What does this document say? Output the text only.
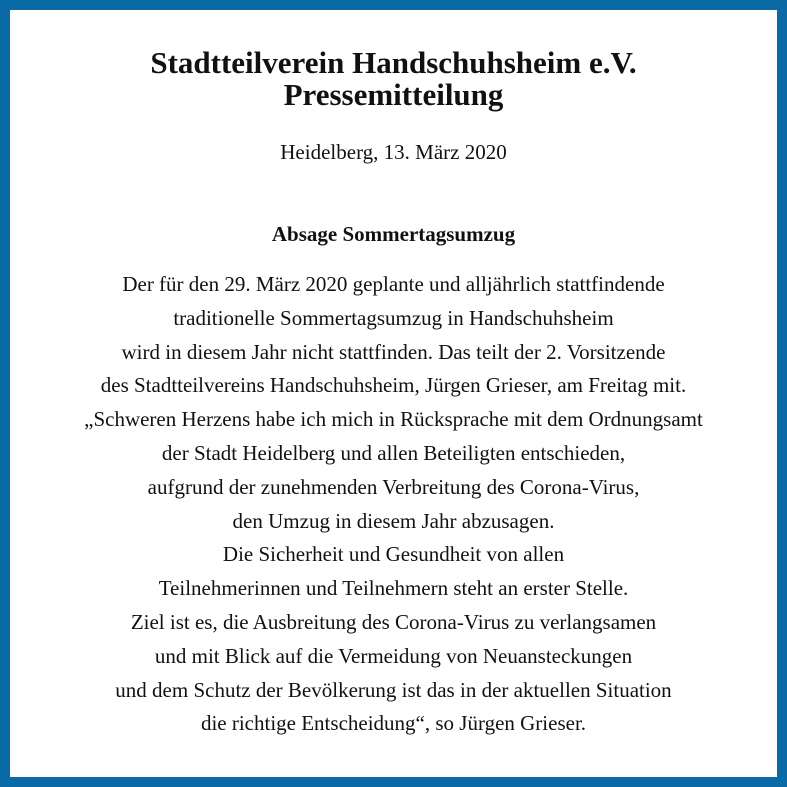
Stadtteilverein Handschuhsheim e.V.
Pressemitteilung

Heidelberg, 13. März 2020

Absage Sommertagsumzug

Der für den 29. März 2020 geplante und alljährlich stattfindende
traditionelle Sommertagsumzug in Handschuhsheim
wird in diesem Jahr nicht stattfinden. Das teilt der 2. Vorsitzende
des Stadtteilvereins Handschuhsheim, Jürgen Grieser, am Freitag mit.
„Schweren Herzens habe ich mich in Rücksprache mit dem Ordnungsamt
der Stadt Heidelberg und allen Beteiligten entschieden,
aufgrund der zunehmenden Verbreitung des Corona-Virus,
den Umzug in diesem Jahr abzusagen.
Die Sicherheit und Gesundheit von allen
Teilnehmerinnen und Teilnehmern steht an erster Stelle.
Ziel ist es, die Ausbreitung des Corona-Virus zu verlangsamen
und mit Blick auf die Vermeidung von Neuansteckungen
und dem Schutz der Bevölkerung ist das in der aktuellen Situation
die richtige Entscheidung“, so Jürgen Grieser.
